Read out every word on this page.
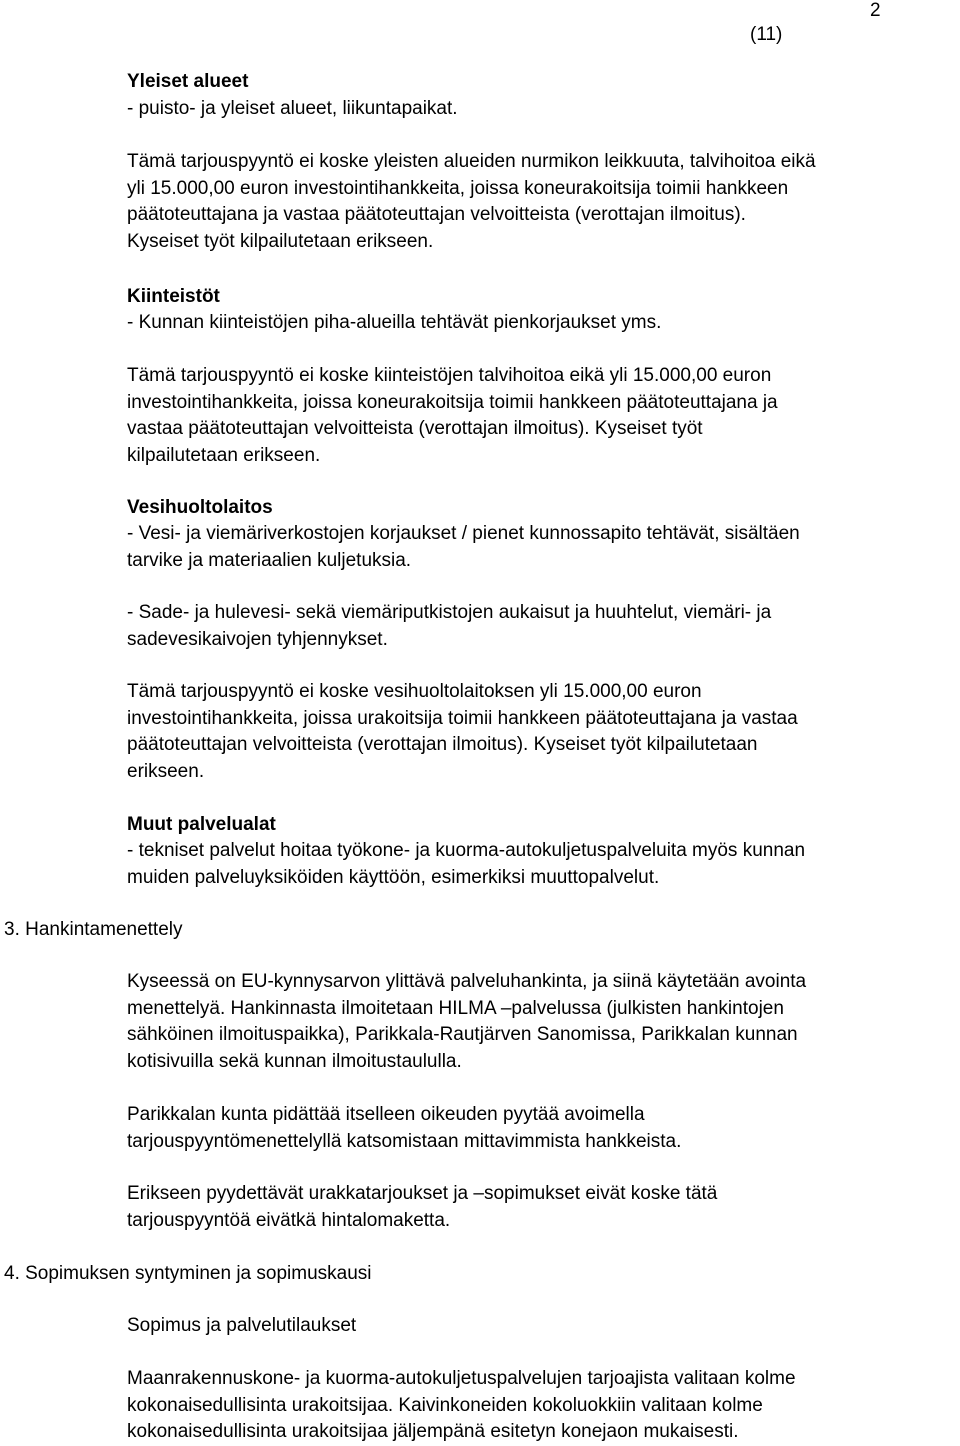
2
(11)
Yleiset alueet
- puisto- ja yleiset alueet, liikuntapaikat.
Tämä tarjouspyyntö ei koske yleisten alueiden nurmikon leikkuuta, talvihoitoa eikä
yli 15.000,00 euron investointihankkeita, joissa koneurakoitsija toimii hankkeen
päätoteuttajana ja vastaa päätoteuttajan velvoitteista (verottajan ilmoitus).
Kyseiset työt kilpailutetaan erikseen.
Kiinteistöt
- Kunnan kiinteistöjen piha-alueilla tehtävät pienkorjaukset yms.
Tämä tarjouspyyntö ei koske kiinteistöjen talvihoitoa eikä yli 15.000,00 euron
investointihankkeita, joissa koneurakoitsija toimii hankkeen päätoteuttajana ja
vastaa päätoteuttajan velvoitteista (verottajan ilmoitus). Kyseiset työt
kilpailutetaan erikseen.
Vesihuoltolaitos
- Vesi- ja viemäriverkostojen korjaukset / pienet kunnossapito tehtävät, sisältäen
tarvike ja materiaalien kuljetuksia.
- Sade- ja hulevesi- sekä viemäriputkistojen aukaisut ja huuhtelut, viemäri- ja
sadevesikaivojen tyhjennykset.
Tämä tarjouspyyntö ei koske vesihuoltolaitoksen yli 15.000,00 euron
investointihankkeita, joissa urakoitsija toimii hankkeen päätoteuttajana ja vastaa
päätoteuttajan velvoitteista (verottajan ilmoitus). Kyseiset työt kilpailutetaan
erikseen.
Muut palvelualat
- tekniset palvelut hoitaa työkone- ja kuorma-autokuljetuspalveluita myös kunnan
muiden palveluyksiköiden käyttöön, esimerkiksi muuttopalvelut.
3. Hankintamenettely
Kyseessä on EU-kynnysarvon ylittävä palveluhankinta, ja siinä käytetään avointa
menettelyä. Hankinnasta ilmoitetaan HILMA –palvelussa (julkisten hankintojen
sähköinen ilmoituspaikka), Parikkala-Rautjärven Sanomissa, Parikkalan kunnan
kotisivuilla sekä kunnan ilmoitustaululla.
Parikkalan kunta pidättää itselleen oikeuden pyytää avoimella
tarjouspyyntömenettelyllä katsomistaan mittavimmista hankkeista.
Erikseen pyydettävät urakkatarjoukset ja –sopimukset eivät koske tätä
tarjouspyyntöä eivätkä hintalomaketta.
4. Sopimuksen syntyminen ja sopimuskausi
Sopimus ja palvelutilaukset
Maanrakennuskone- ja kuorma-autokuljetuspalvelujen tarjoajista valitaan kolme
kokonaisedullisinta urakoitsijaa. Kaivinkoneiden kokoluokkiin valitaan kolme
kokonaisedullisinta urakoitsijaa jäljempänä esitetyn konejaon mukaisesti.
